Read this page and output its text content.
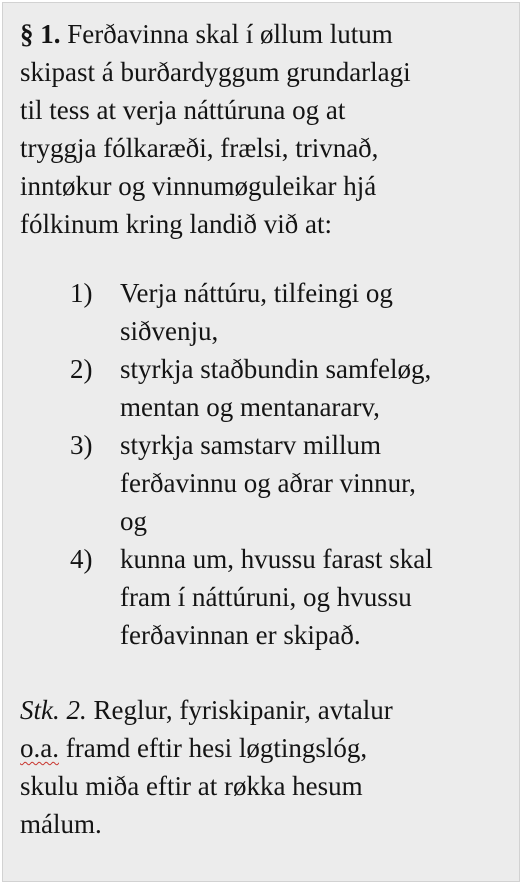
§ 1. Ferðavinna skal í øllum lutum
skipast á burðardyggum grundarlagi
til tess at verja náttúruna og at
tryggja fólkaræði, frælsi, trivnað,
inntøkur og vinnumøguleikar hjá
fólkinum kring landið við at:
1) Verja náttúru, tilfeingi og
siðvenju,
2) styrkja staðbundin samfeløg,
mentan og mentanararv,
3) styrkja samstarv millum
ferðavinnu og aðrar vinnur,
og
4) kunna um, hvussu farast skal
fram í náttúruni, og hvussu
ferðavinnan er skipað.
Stk. 2. Reglur, fyriskipanir, avtalur
o.a. framd eftir hesi løgtingslóg,
skulu miða eftir at røkka hesum
málum.
